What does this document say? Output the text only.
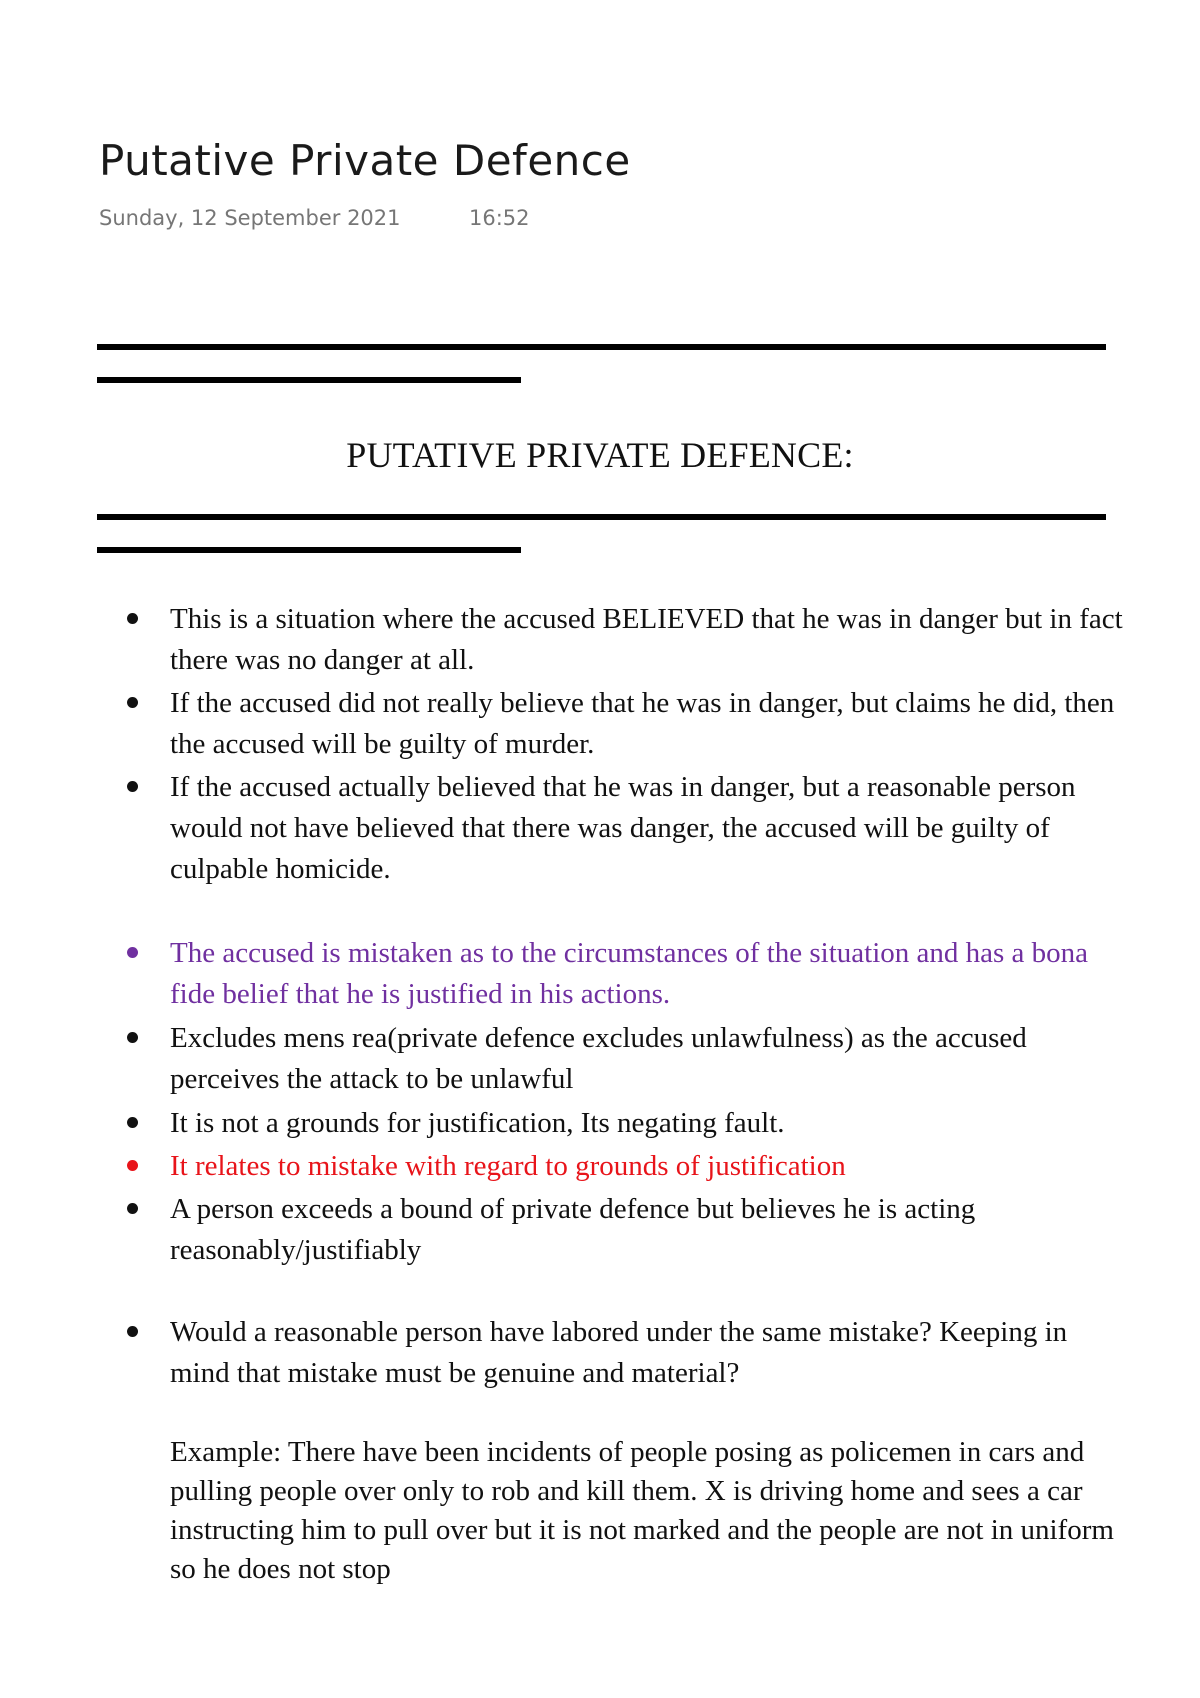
Putative Private Defence
Sunday, 12 September 2021	16:52
PUTATIVE PRIVATE DEFENCE:

This is a situation where the accused BELIEVED that he was in danger but in fact there was no danger at all.

If the accused did not really believe that he was in danger, but claims he did, then the accused will be guilty of murder.

If the accused actually believed that he was in danger, but a reasonable person would not have believed that there was danger, the accused will be guilty of culpable homicide.

The accused is mistaken as to the circumstances of the situation and has a bona fide belief that he is justified in his actions.

Excludes mens rea(private defence excludes unlawfulness) as the accused perceives the attack to be unlawful

It is not a grounds for justification, Its negating fault.

It relates to mistake with regard to grounds of justification

A person exceeds a bound of private defence but believes he is acting reasonably/justifiably

Would a reasonable person have labored under the same mistake? Keeping in mind that mistake must be genuine and material?

Example: There have been incidents of people posing as policemen in cars and pulling people over only to rob and kill them. X is driving home and sees a car instructing him to pull over but it is not marked and the people are not in uniform so he does not stop
